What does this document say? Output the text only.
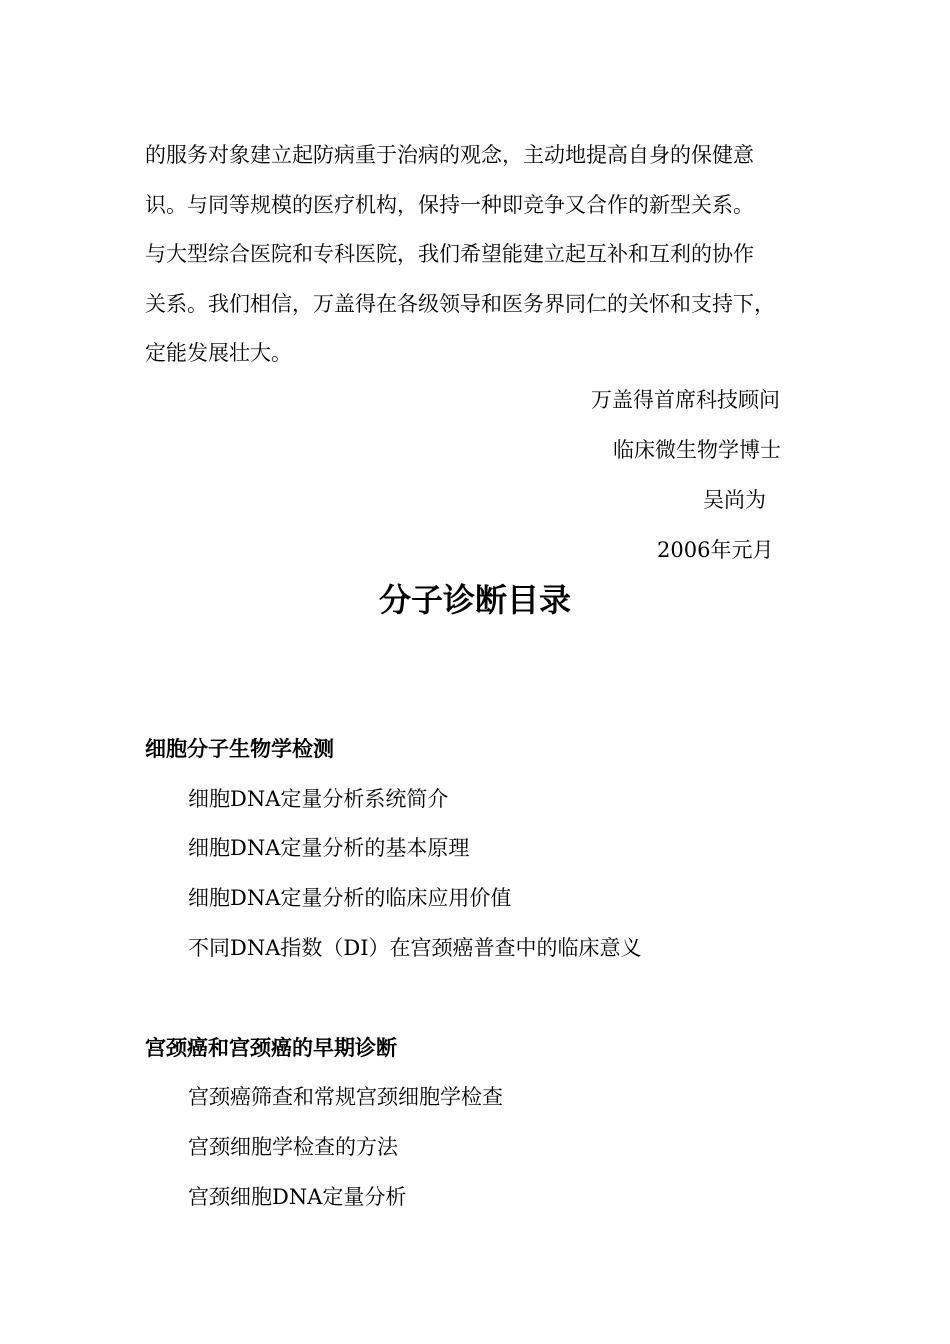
的服务对象建立起防病重于治病的观念，主动地提高自身的保健意
识。与同等规模的医疗机构，保持一种即竞争又合作的新型关系。
与大型综合医院和专科医院，我们希望能建立起互补和互利的协作
关系。我们相信，万盖得在各级领导和医务界同仁的关怀和支持下，
定能发展壮大。
万盖得首席科技顾问
临床微生物学博士
吴尚为
2006年元月
分子诊断目录
细胞分子生物学检测
细胞DNA定量分析系统简介
细胞DNA定量分析的基本原理
细胞DNA定量分析的临床应用价值
不同DNA指数（DI）在宫颈癌普查中的临床意义
宫颈癌和宫颈癌的早期诊断
宫颈癌筛查和常规宫颈细胞学检查
宫颈细胞学检查的方法
宫颈细胞DNA定量分析
